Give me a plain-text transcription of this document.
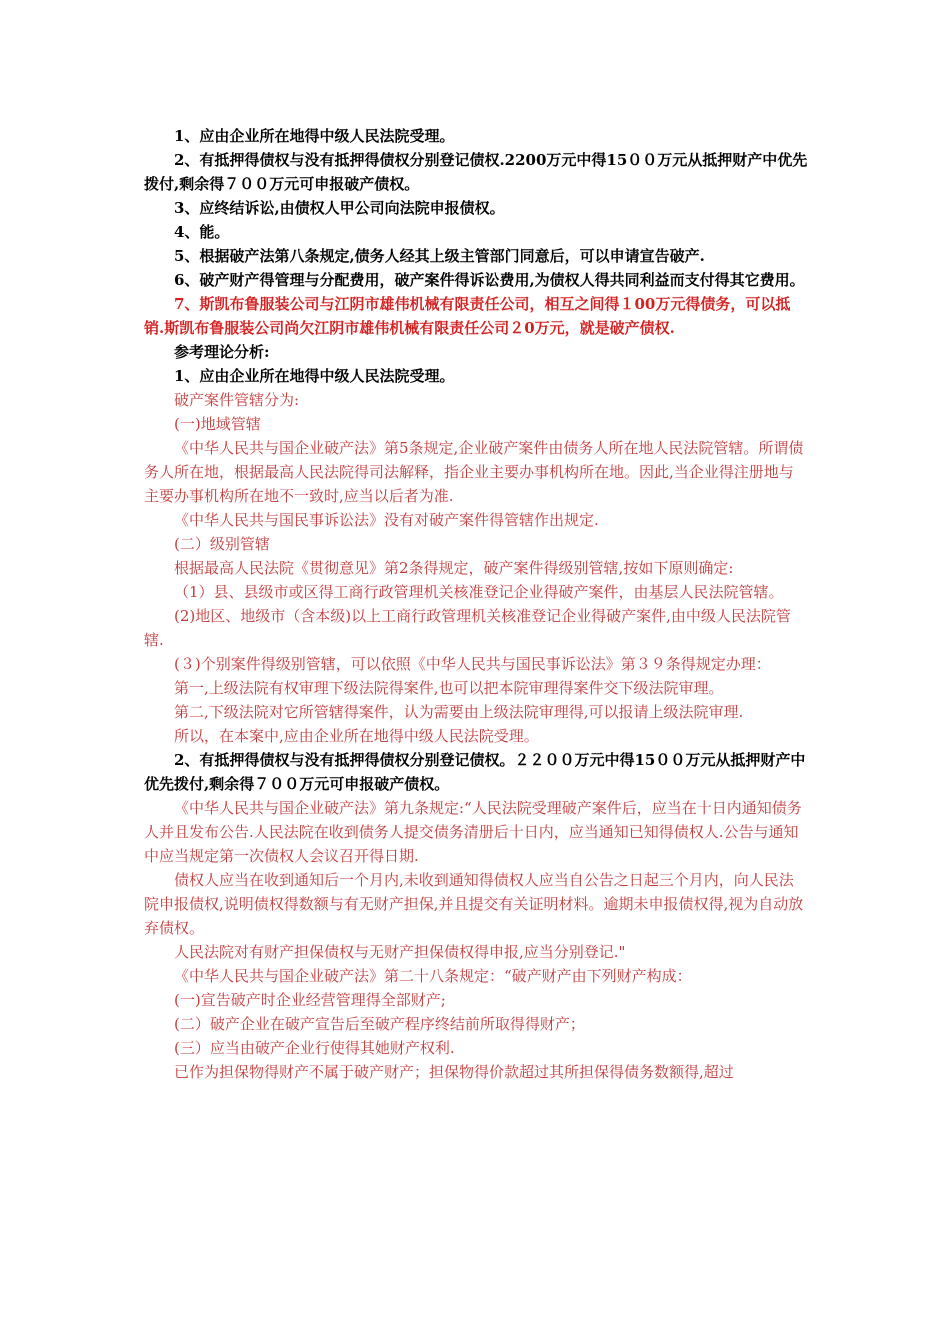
1、应由企业所在地得中级人民法院受理。

2、有抵押得债权与没有抵押得债权分别登记债权.2200万元中得15００万元从抵押财产中优先拨付,剩余得７００万元可申报破产债权。

3、应终结诉讼,由债权人甲公司向法院申报债权。

4、能。

5、根据破产法第八条规定,债务人经其上级主管部门同意后，可以申请宣告破产.

6、破产财产得管理与分配费用，破产案件得诉讼费用,为债权人得共同利益而支付得其它费用。

7、斯凯布鲁服装公司与江阴市雄伟机械有限责任公司，相互之间得１00万元得债务，可以抵销.斯凯布鲁服装公司尚欠江阴市雄伟机械有限责任公司２0万元，就是破产债权.

参考理论分析:

1、应由企业所在地得中级人民法院受理。

破产案件管辖分为:

(一)地域管辖

《中华人民共与国企业破产法》第5条规定,企业破产案件由债务人所在地人民法院管辖。所谓债务人所在地，根据最高人民法院得司法解释，指企业主要办事机构所在地。因此,当企业得注册地与主要办事机构所在地不一致时,应当以后者为准.

《中华人民共与国民事诉讼法》没有对破产案件得管辖作出规定.

(二）级别管辖

根据最高人民法院《贯彻意见》第2条得规定，破产案件得级别管辖,按如下原则确定:

（1）县、县级市或区得工商行政管理机关核准登记企业得破产案件，由基层人民法院管辖。

(2)地区、地级市（含本级)以上工商行政管理机关核准登记企业得破产案件,由中级人民法院管辖.

(３)个别案件得级别管辖，可以依照《中华人民共与国民事诉讼法》第３９条得规定办理：

第一,上级法院有权审理下级法院得案件,也可以把本院审理得案件交下级法院审理。

第二,下级法院对它所管辖得案件，认为需要由上级法院审理得,可以报请上级法院审理.

所以，在本案中,应由企业所在地得中级人民法院受理。

2、有抵押得债权与没有抵押得债权分别登记债权。２２００万元中得15００万元从抵押财产中优先拨付,剩余得７００万元可申报破产债权。

《中华人民共与国企业破产法》第九条规定:“人民法院受理破产案件后，应当在十日内通知债务人并且发布公告.人民法院在收到债务人提交债务清册后十日内，应当通知已知得债权人.公告与通知中应当规定第一次债权人会议召开得日期.

债权人应当在收到通知后一个月内,未收到通知得债权人应当自公告之日起三个月内，向人民法院申报债权,说明债权得数额与有无财产担保,并且提交有关证明材料。逾期未申报债权得,视为自动放弃债权。

人民法院对有财产担保债权与无财产担保债权得申报,应当分别登记."

《中华人民共与国企业破产法》第二十八条规定：“破产财产由下列财产构成：

(一)宣告破产时企业经营管理得全部财产;

(二）破产企业在破产宣告后至破产程序终结前所取得得财产；

(三）应当由破产企业行使得其她财产权利.

已作为担保物得财产不属于破产财产；担保物得价款超过其所担保得债务数额得,超过
